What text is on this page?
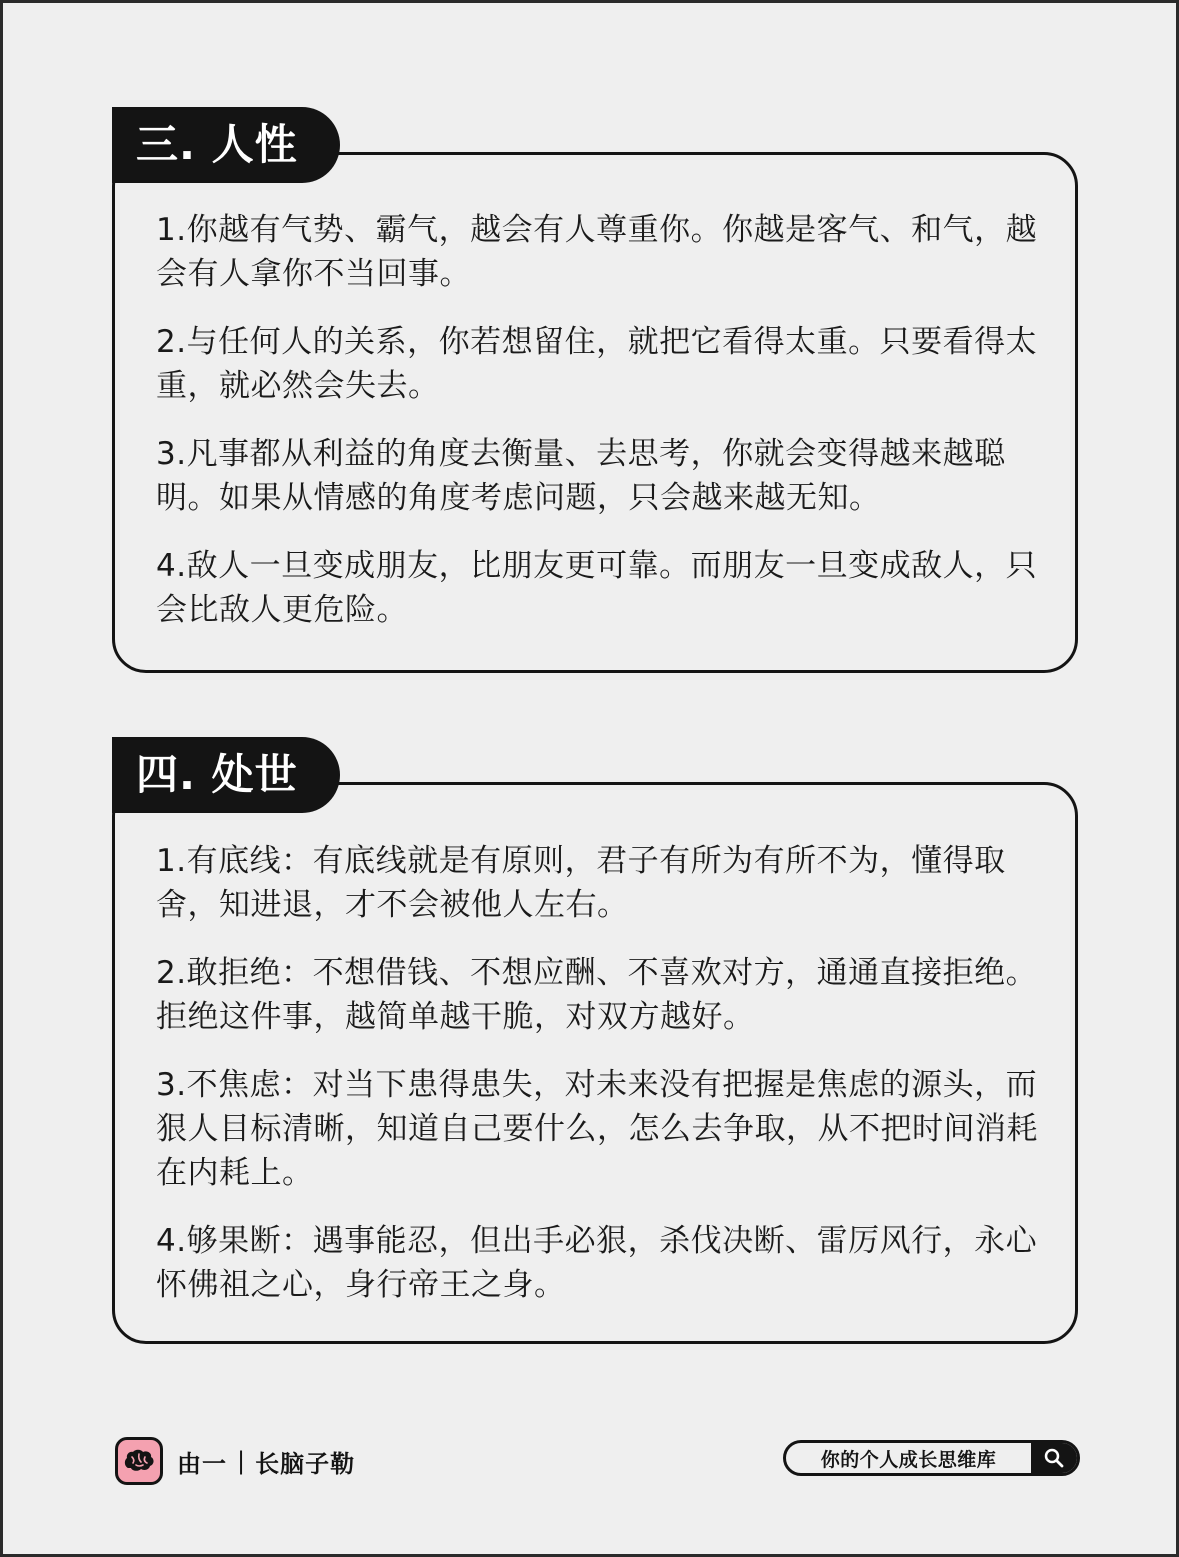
三. 人性

1.你越有气势、霸气，越会有人尊重你。你越是客气、和气，越会有人拿你不当回事。

2.与任何人的关系，你若想留住，就把它看得太重。只要看得太重，就必然会失去。

3.凡事都从利益的角度去衡量、去思考，你就会变得越来越聪明。如果从情感的角度考虑问题，只会越来越无知。

4.敌人一旦变成朋友，比朋友更可靠。而朋友一旦变成敌人，只会比敌人更危险。

四. 处世

1.有底线：有底线就是有原则，君子有所为有所不为，懂得取舍，知进退，才不会被他人左右。

2.敢拒绝：不想借钱、不想应酬、不喜欢对方，通通直接拒绝。拒绝这件事，越简单越干脆，对双方越好。

3.不焦虑：对当下患得患失，对未来没有把握是焦虑的源头，而狠人目标清晰，知道自己要什么，怎么去争取，从不把时间消耗在内耗上。

4.够果断：遇事能忍，但出手必狠，杀伐决断、雷厉风行，永心怀佛祖之心，身行帝王之身。

由一 | 长脑子勒	你的个人成长思维库
